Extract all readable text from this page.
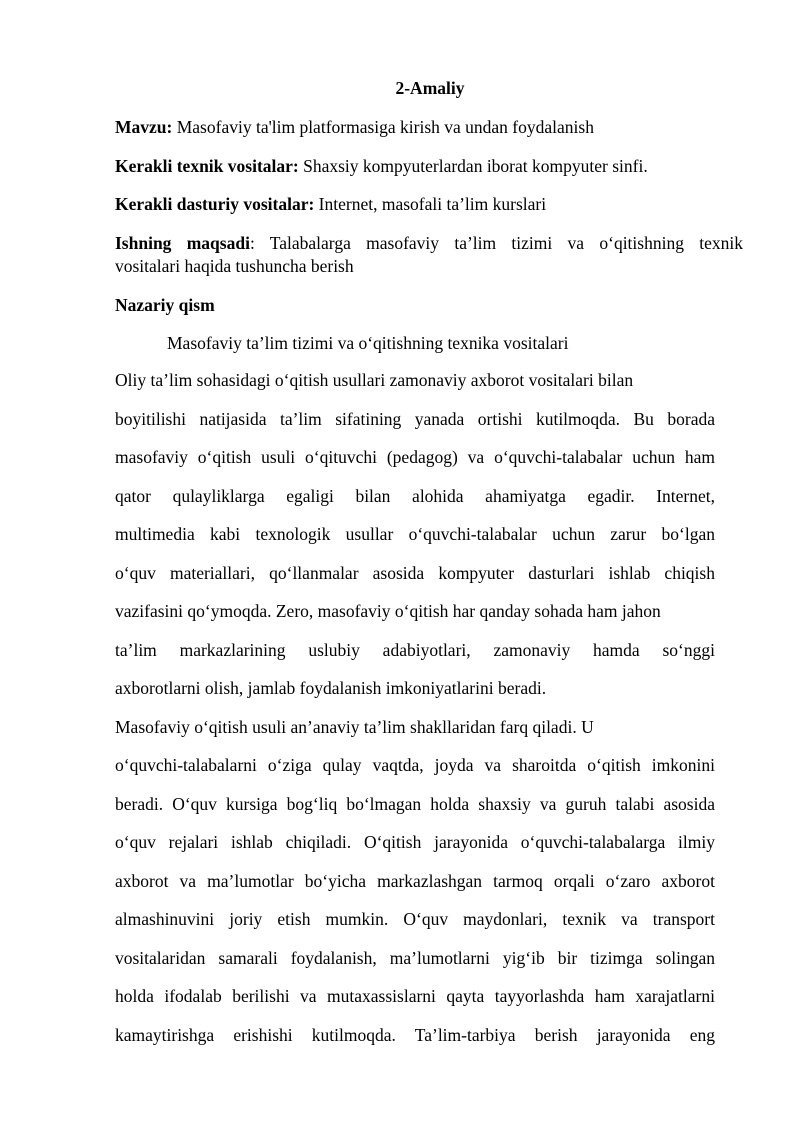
2-Amaliy
Mavzu: Masofaviy ta'lim platformasiga kirish va undan foydalanish
Kerakli texnik vositalar: Shaxsiy kompyuterlardan iborat kompyuter sinfi.
Kerakli dasturiy vositalar: Internet, masofali ta’lim kurslari
Ishning maqsadi: Talabalarga masofaviy ta’lim tizimi va o‘qitishning texnik
vositalari haqida tushuncha berish
Nazariy qism
Masofaviy ta’lim tizimi va o‘qitishning texnika vositalari
Oliy ta’lim sohasidagi o‘qitish usullari zamonaviy axborot vositalari bilan
boyitilishi natijasida ta’lim sifatining yanada ortishi kutilmoqda. Bu borada
masofaviy o‘qitish usuli o‘qituvchi (pedagog) va o‘quvchi-talabalar uchun ham
qator qulayliklarga egaligi bilan alohida ahamiyatga egadir. Internet,
multimedia kabi texnologik usullar o‘quvchi-talabalar uchun zarur bo‘lgan
o‘quv materiallari, qo‘llanmalar asosida kompyuter dasturlari ishlab chiqish
vazifasini qo‘ymoqda. Zero, masofaviy o‘qitish har qanday sohada ham jahon
ta’lim markazlarining uslubiy adabiyotlari, zamonaviy hamda so‘nggi
axborotlarni olish, jamlab foydalanish imkoniyatlarini beradi.
Masofaviy o‘qitish usuli an’anaviy ta’lim shakllaridan farq qiladi. U
o‘quvchi-talabalarni o‘ziga qulay vaqtda, joyda va sharoitda o‘qitish imkonini
beradi. O‘quv kursiga bog‘liq bo‘lmagan holda shaxsiy va guruh talabi asosida
o‘quv rejalari ishlab chiqiladi. O‘qitish jarayonida o‘quvchi-talabalarga ilmiy
axborot va ma’lumotlar bo‘yicha markazlashgan tarmoq orqali o‘zaro axborot
almashinuvini joriy etish mumkin. O‘quv maydonlari, texnik va transport
vositalaridan samarali foydalanish, ma’lumotlarni yig‘ib bir tizimga solingan
holda ifodalab berilishi va mutaxassislarni qayta tayyorlashda ham xarajatlarni
kamaytirishga erishishi kutilmoqda. Ta’lim-tarbiya berish jarayonida eng
